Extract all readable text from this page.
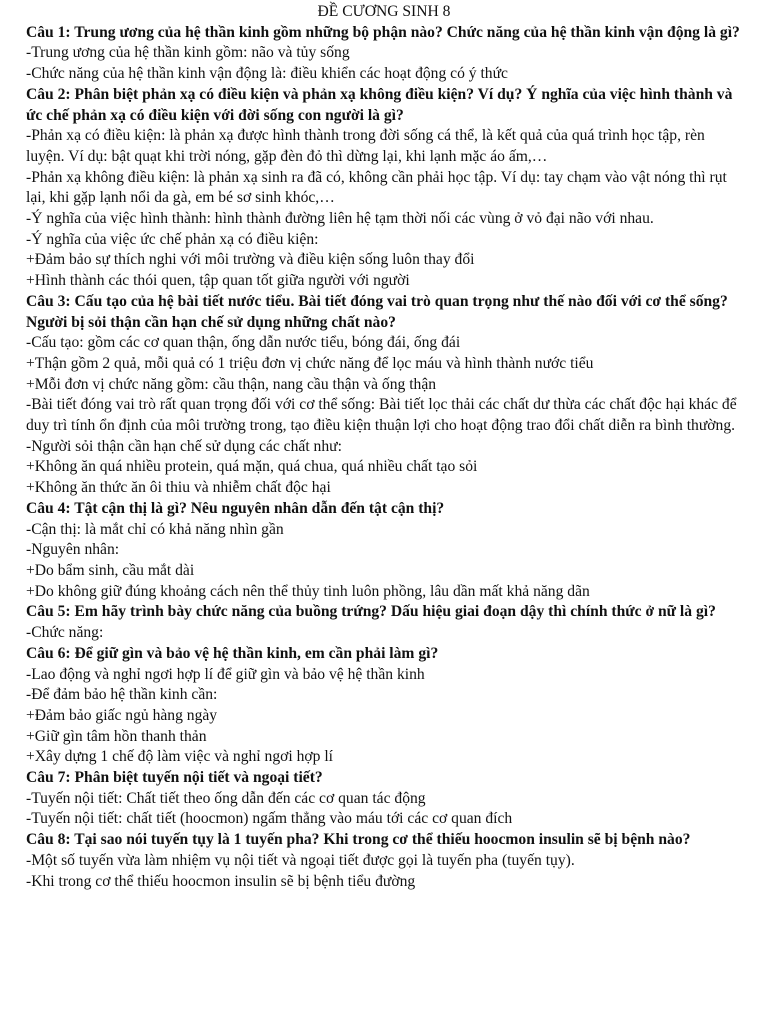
ĐỀ CƯƠNG SINH 8

Câu 1: Trung ương của hệ thần kinh gồm những bộ phận nào? Chức năng của hệ thần kinh vận động là gì?

-Trung ương của hệ thần kinh gồm: não và tủy sống

-Chức năng của hệ thần kinh vận động là: điều khiển các hoạt động có ý thức

Câu 2: Phân biệt phản xạ có điều kiện và phản xạ không điều kiện? Ví dụ? Ý nghĩa của việc hình thành và ức chế phản xạ có điều kiện với đời sống con người là gì?

-Phản xạ có điều kiện: là phản xạ được hình thành trong đời sống cá thể, là kết quả của quá trình học tập, rèn luyện. Ví dụ: bật quạt khi trời nóng, gặp đèn đỏ thì dừng lại, khi lạnh mặc áo ấm,…

-Phản xạ không điều kiện: là phản xạ sinh ra đã có, không cần phải học tập. Ví dụ: tay chạm vào vật nóng thì rụt lại, khi gặp lạnh nổi da gà, em bé sơ sinh khóc,…

-Ý nghĩa của việc hình thành: hình thành đường liên hệ tạm thời nối các vùng ở vỏ đại não với nhau.

-Ý nghĩa của việc ức chế phản xạ có điều kiện:

+Đảm bảo sự thích nghi với môi trường và điều kiện sống luôn thay đổi

+Hình thành các thói quen, tập quan tốt giữa người với người

Câu 3: Cấu tạo của hệ bài tiết nước tiểu. Bài tiết đóng vai trò quan trọng như thế nào đối với cơ thể sống? Người bị sỏi thận cần hạn chế sử dụng những chất nào?

-Cấu tạo: gồm các cơ quan thận, ống dẫn nước tiểu, bóng đái, ống đái

+Thận gồm 2 quả, mỗi quả có 1 triệu đơn vị chức năng để lọc máu và hình thành nước tiểu

+Mỗi đơn vị chức năng gồm: cầu thận, nang cầu thận và ống thận

-Bài tiết đóng vai trò rất quan trọng đối với cơ thể sống: Bài tiết lọc thải các chất dư thừa các chất độc hại khác để duy trì tính ổn định của môi trường trong, tạo điều kiện thuận lợi cho hoạt động trao đổi chất diễn ra bình thường.

-Người sỏi thận cần hạn chế sử dụng các chất như:

+Không ăn quá nhiều protein, quá mặn, quá chua, quá nhiều chất tạo sỏi

+Không ăn thức ăn ôi thiu và nhiễm chất độc hại

Câu 4: Tật cận thị là gì? Nêu nguyên nhân dẫn đến tật cận thị?

-Cận thị: là mắt chỉ có khả năng nhìn gần

-Nguyên nhân:

+Do bẩm sinh, cầu mắt dài

+Do không giữ đúng khoảng cách nên thể thủy tinh luôn phồng, lâu dần mất khả năng dãn

Câu 5: Em hãy trình bày chức năng của buồng trứng? Dấu hiệu giai đoạn dậy thì chính thức ở nữ là gì?

-Chức năng:

Câu 6: Để giữ gìn và bảo vệ hệ thần kinh, em cần phải làm gì?

-Lao động và nghỉ ngơi hợp lí để giữ gìn và bảo vệ hệ thần kinh

-Để đảm bảo hệ thần kinh cần:

+Đảm bảo giấc ngủ hàng ngày

+Giữ gìn tâm hồn thanh thản

+Xây dựng 1 chế độ làm việc và nghỉ ngơi hợp lí

Câu 7: Phân biệt tuyến nội tiết và ngoại tiết?

-Tuyến nội tiết: Chất tiết theo ống dẫn đến các cơ quan tác động

-Tuyến nội tiết: chất tiết (hoocmon) ngấm thẳng vào máu tới các cơ quan đích

Câu 8: Tại sao nói tuyến tụy là 1 tuyến pha? Khi trong cơ thể thiếu hoocmon insulin sẽ bị bệnh nào?

-Một số tuyến vừa làm nhiệm vụ nội tiết và ngoại tiết được gọi là tuyến pha (tuyến tụy).

-Khi trong cơ thể thiếu hoocmon insulin sẽ bị bệnh tiểu đường
